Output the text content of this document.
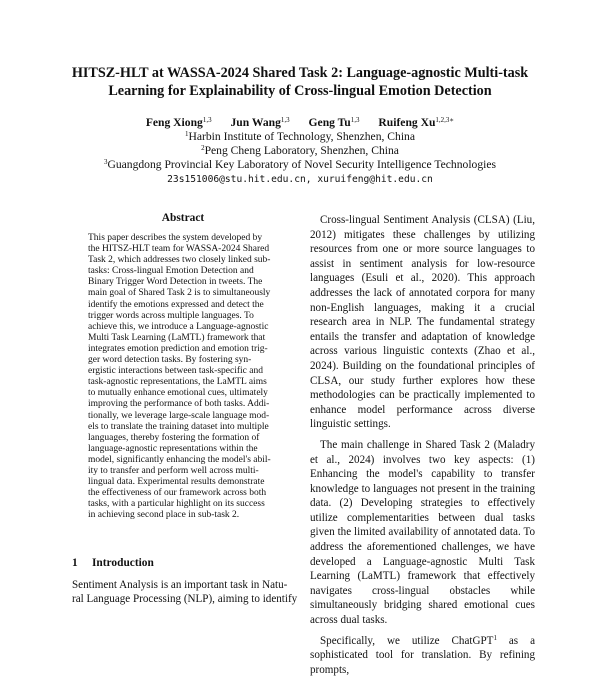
HITSZ-HLT at WASSA-2024 Shared Task 2: Language-agnostic Multi-task
Learning for Explainability of Cross-lingual Emotion Detection
Feng Xiong$^{1,3}$ Jun Wang$^{1,3}$ Geng Tu$^{1,3}$ Ruifeng $Xu^{1,2,3∗}$
$^1$Harbin Institute of Technology, Shenzhen, China
$^2$Peng Cheng Laboratory, Shenzhen, China
$^3$Guangdong Provincial Key Laboratory of Novel Security Intelligence Technologies
23s151006@stu.hit.edu.cn, xuruifeng@hit.edu.cn
Abstract
This paper describes the system developed by
the HITSZ-HLT team for WASSA-2024 Shared
Task 2, which addresses two closely linked sub-
tasks: Cross-lingual Emotion Detection and
Binary Trigger Word Detection in tweets. The
main goal of Shared Task 2 is to simultaneously
identify the emotions expressed and detect the
trigger words across multiple languages. To
achieve this, we introduce a Language-agnostic
Multi Task Learning (LaMTL) framework that
integrates emotion prediction and emotion trig-
ger word detection tasks. By fostering syn-
ergistic interactions between task-specific and
task-agnostic representations, the LaMTL aims
to mutually enhance emotional cues, ultimately
improving the performance of both tasks. Addi-
tionally, we leverage large-scale language mod-
els to translate the training dataset into multiple
languages, thereby fostering the formation of
language-agnostic representations within the
model, significantly enhancing the model's abil-
ity to transfer and perform well across multi-
lingual data. Experimental results demonstrate
the effectiveness of our framework across both
tasks, with a particular highlight on its success
in achieving second place in sub-task 2.
1 Introduction
Sentiment Analysis is an important task in Natu-
ral Language Processing (NLP), aiming to identify

Cross-lingual Sentiment Analysis (CLSA) (Liu, 2012) mitigates these challenges by utilizing resources from one or more source languages to assist in sentiment analysis for low-resource languages (Esuli et al., 2020). This approach addresses the lack of annotated corpora for many non-English languages, making it a crucial research area in NLP. The fundamental strategy entails the transfer and adaptation of knowledge across various linguistic contexts (Zhao et al., 2024). Building on the foundational principles of CLSA, our study further explores how these methodologies can be practically implemented to enhance model performance across diverse linguistic settings.

The main challenge in Shared Task 2 (Maladry et al., 2024) involves two key aspects: (1) Enhancing the model's capability to transfer knowledge to languages not present in the training data. (2) Developing strategies to effectively utilize complementarities between dual tasks given the limited availability of annotated data. To address the aforementioned challenges, we have developed a Language-agnostic Multi Task Learning (LaMTL) framework that effectively navigates cross-lingual obstacles while simultaneously bridging shared emotional cues across dual tasks.

Specifically, we utilize ChatGPT$^1$ as a sophisticated tool for translation. By refining prompts,
